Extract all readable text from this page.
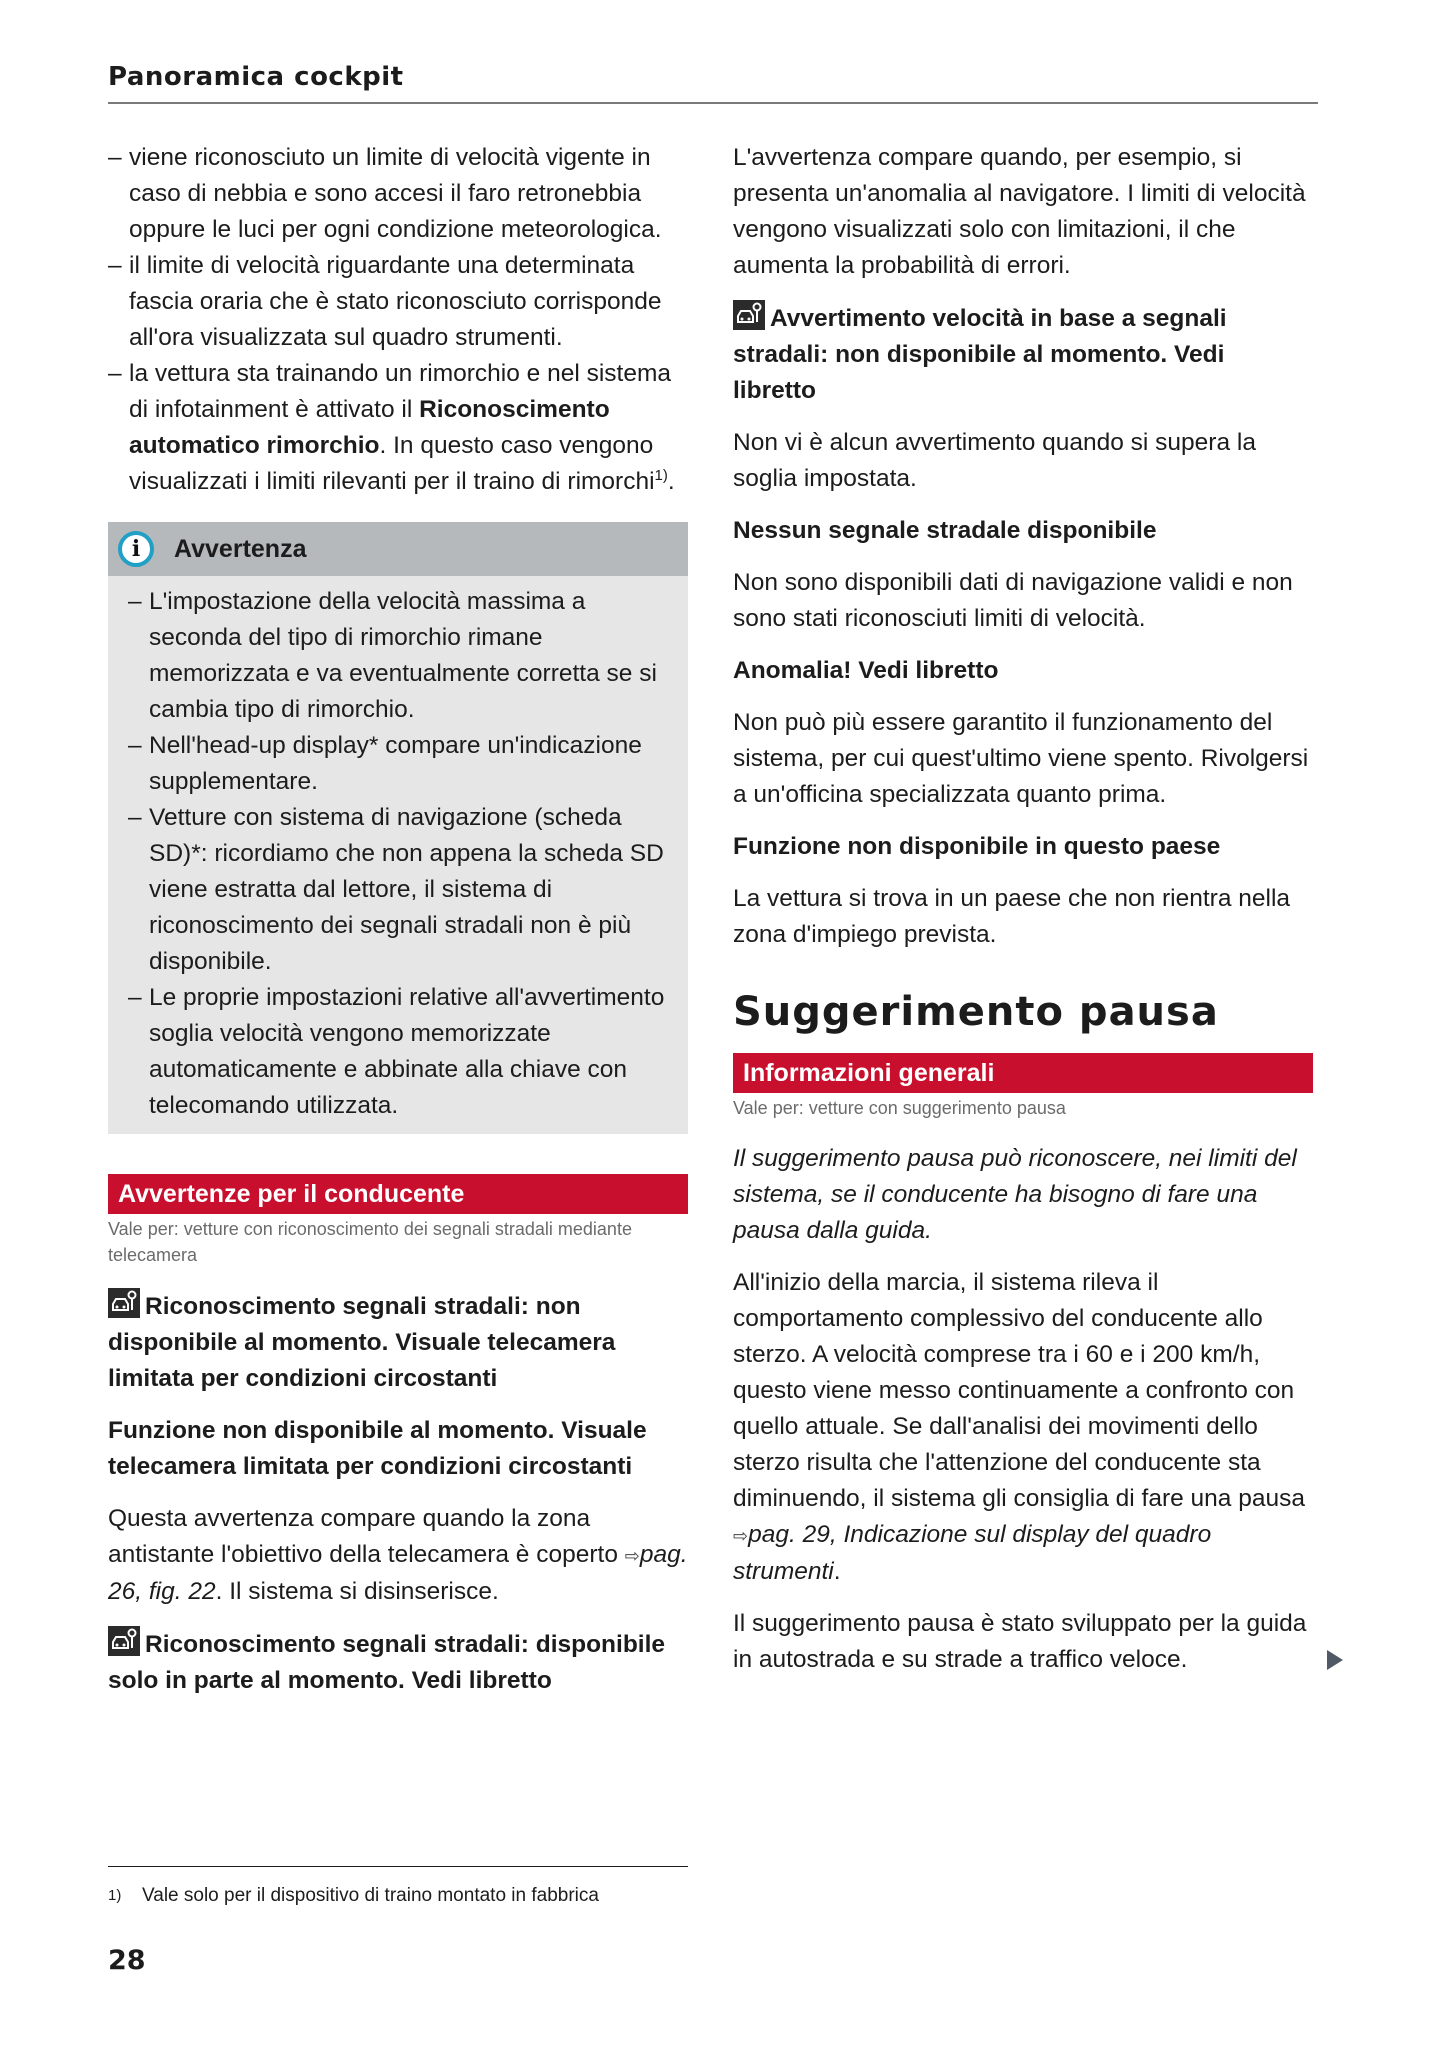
Panoramica cockpit
– viene riconosciuto un limite di velocità vigente in caso di nebbia e sono accesi il faro retronebbia oppure le luci per ogni condizione meteorologica.
– il limite di velocità riguardante una determinata fascia oraria che è stato riconosciuto corrisponde all'ora visualizzata sul quadro strumenti.
– la vettura sta trainando un rimorchio e nel sistema di infotainment è attivato il Riconoscimento automatico rimorchio. In questo caso vengono visualizzati i limiti rilevanti per il traino di rimorchi$^{1)}$.
i	Avvertenza
– L'impostazione della velocità massima a seconda del tipo di rimorchio rimane memorizzata e va eventualmente corretta se si cambia tipo di rimorchio.
– Nell'head-up display* compare un'indicazione supplementare.
– Vetture con sistema di navigazione (scheda SD)*: ricordiamo che non appena la scheda SD viene estratta dal lettore, il sistema di riconoscimento dei segnali stradali non è più disponibile.
– Le proprie impostazioni relative all'avvertimento soglia velocità vengono memorizzate automaticamente e abbinate alla chiave con telecomando utilizzata.
Avvertenze per il conducente
Vale per: vetture con riconoscimento dei segnali stradali mediante telecamera
Riconoscimento segnali stradali: non disponibile al momento. Visuale telecamera limitata per condizioni circostanti
Funzione non disponibile al momento. Visuale telecamera limitata per condizioni circostanti

Questa avvertenza compare quando la zona antistante l'obiettivo della telecamera è coperto ⇨pag. 26, fig. 22. Il sistema si disinserisce.

Riconoscimento segnali stradali: disponibile solo in parte al momento. Vedi libretto

L'avvertenza compare quando, per esempio, si presenta un'anomalia al navigatore. I limiti di velocità vengono visualizzati solo con limitazioni, il che aumenta la probabilità di errori.

Avvertimento velocità in base a segnali stradali: non disponibile al momento. Vedi libretto

Non vi è alcun avvertimento quando si supera la soglia impostata.

Nessun segnale stradale disponibile

Non sono disponibili dati di navigazione validi e non sono stati riconosciuti limiti di velocità.

Anomalia! Vedi libretto

Non può più essere garantito il funzionamento del sistema, per cui quest'ultimo viene spento. Rivolgersi a un'officina specializzata quanto prima.

Funzione non disponibile in questo paese

La vettura si trova in un paese che non rientra nella zona d'impiego prevista.

Suggerimento pausa
Informazioni generali
Vale per: vetture con suggerimento pausa

Il suggerimento pausa può riconoscere, nei limiti del sistema, se il conducente ha bisogno di fare una pausa dalla guida.

All'inizio della marcia, il sistema rileva il comportamento complessivo del conducente allo sterzo. A velocità comprese tra i 60 e i 200 km/h, questo viene messo continuamente a confronto con quello attuale. Se dall'analisi dei movimenti dello sterzo risulta che l'attenzione del conducente sta diminuendo, il sistema gli consiglia di fare una pausa ⇨pag. 29, Indicazione sul display del quadro strumenti.

Il suggerimento pausa è stato sviluppato per la guida in autostrada e su strade a traffico veloce.

1)	Vale solo per il dispositivo di traino montato in fabbrica
28
